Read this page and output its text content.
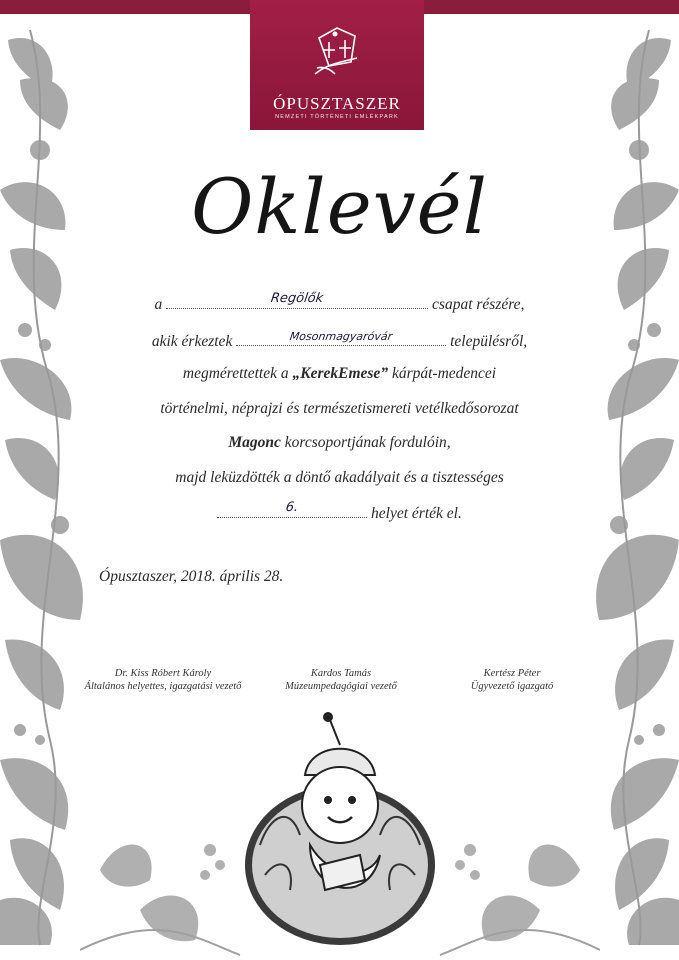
ÓPUSZTASZER
NEMZETI TÖRTÉNETI EMLÉKPARK
Oklevél
a	Regölők	csapat részére,
akik érkeztek	Mosonmagyaróvár	településről,
megmérettettek a „KerekEmese” kárpát-medencei
történelmi, néprajzi és természetismereti vetélkedősorozat
Magonc korcsoportjának fordulóin,
majd leküzdötték a döntő akadályait és a tisztességes
6.	helyet érték el.
Ópusztaszer, 2018. április 28.
Dr. Kiss Róbert Károly
Általános helyettes, igazgatási vezető
Kardos Tamás
Múzeumpedagógiai vezető
Kertész Péter
Ügyvezető igazgató
